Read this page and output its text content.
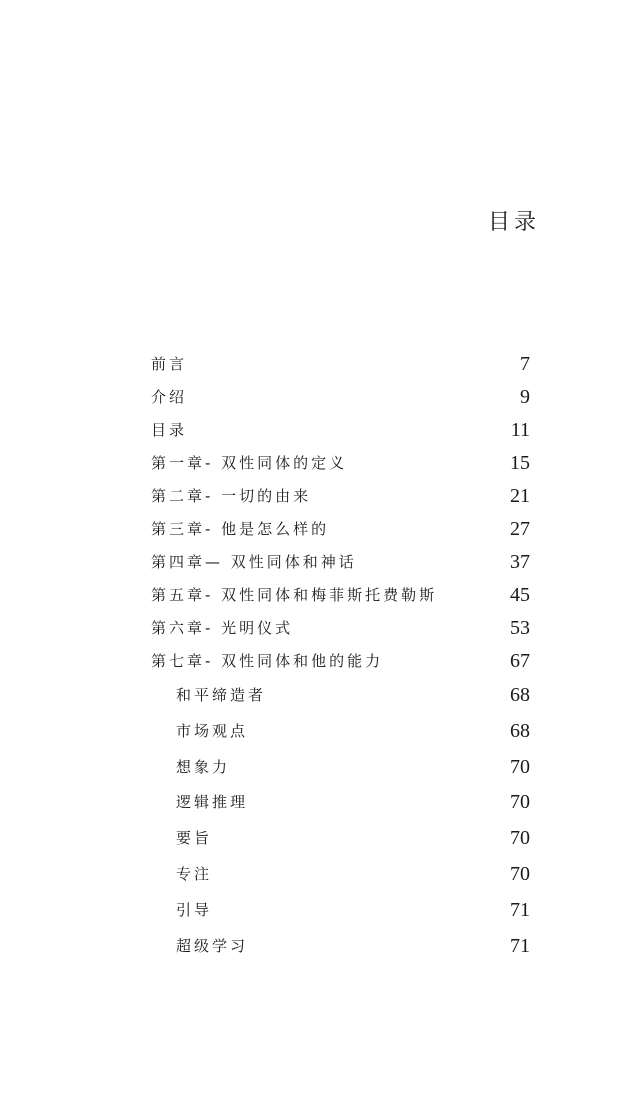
目录
前言	7
介绍	9
目录	11
第一章- 双性同体的定义	15
第二章- 一切的由来	21
第三章- 他是怎么样的	27
第四章— 双性同体和神话	37
第五章- 双性同体和梅菲斯托费勒斯	45
第六章- 光明仪式	53
第七章- 双性同体和他的能力	67
和平缔造者	68
市场观点	68
想象力	70
逻辑推理	70
要旨	70
专注	70
引导	71
超级学习	71
